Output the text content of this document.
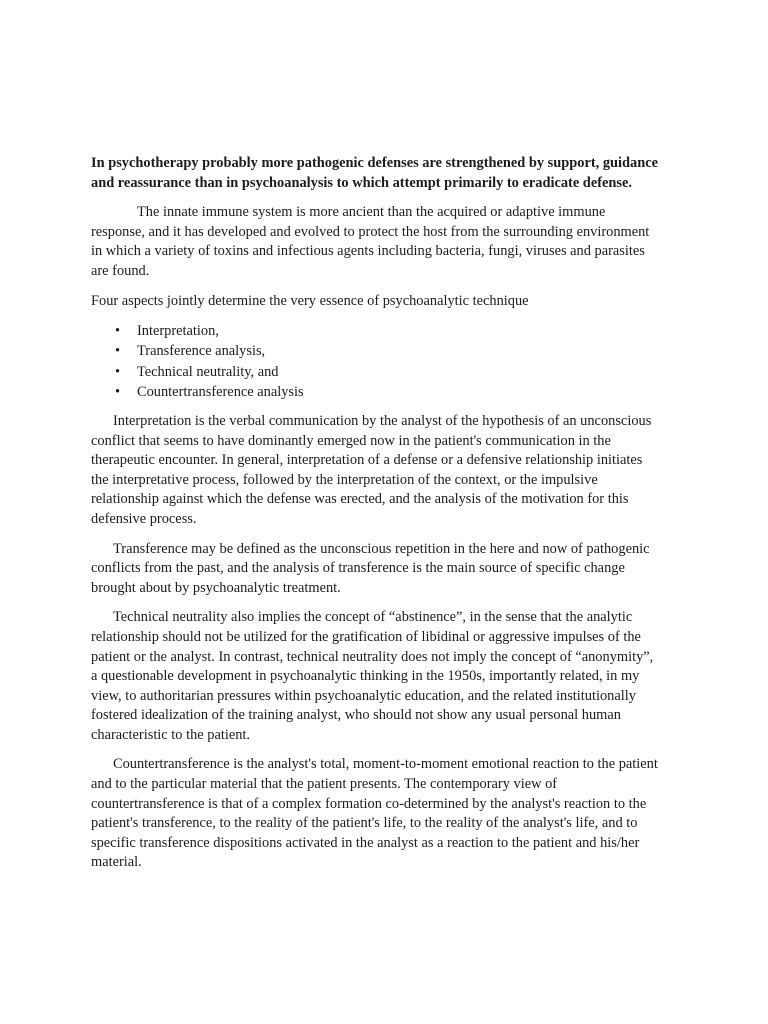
In psychotherapy probably more pathogenic defenses are strengthened by support, guidance and reassurance than in psychoanalysis to which attempt primarily to eradicate defense.

The innate immune system is more ancient than the acquired or adaptive immune response, and it has developed and evolved to protect the host from the surrounding environment in which a variety of toxins and infectious agents including bacteria, fungi, viruses and parasites are found.

Four aspects jointly determine the very essence of psychoanalytic technique

• Interpretation,
• Transference analysis,
• Technical neutrality, and
• Countertransference analysis

Interpretation is the verbal communication by the analyst of the hypothesis of an unconscious conflict that seems to have dominantly emerged now in the patient's communication in the therapeutic encounter. In general, interpretation of a defense or a defensive relationship initiates the interpretative process, followed by the interpretation of the context, or the impulsive relationship against which the defense was erected, and the analysis of the motivation for this defensive process.

Transference may be defined as the unconscious repetition in the here and now of pathogenic conflicts from the past, and the analysis of transference is the main source of specific change brought about by psychoanalytic treatment.

Technical neutrality also implies the concept of “abstinence”, in the sense that the analytic relationship should not be utilized for the gratification of libidinal or aggressive impulses of the patient or the analyst. In contrast, technical neutrality does not imply the concept of “anonymity”, a questionable development in psychoanalytic thinking in the 1950s, importantly related, in my view, to authoritarian pressures within psychoanalytic education, and the related institutionally fostered idealization of the training analyst, who should not show any usual personal human characteristic to the patient.

Countertransference is the analyst's total, moment-to-moment emotional reaction to the patient and to the particular material that the patient presents. The contemporary view of countertransference is that of a complex formation co-determined by the analyst's reaction to the patient's transference, to the reality of the patient's life, to the reality of the analyst's life, and to specific transference dispositions activated in the analyst as a reaction to the patient and his/her material.
